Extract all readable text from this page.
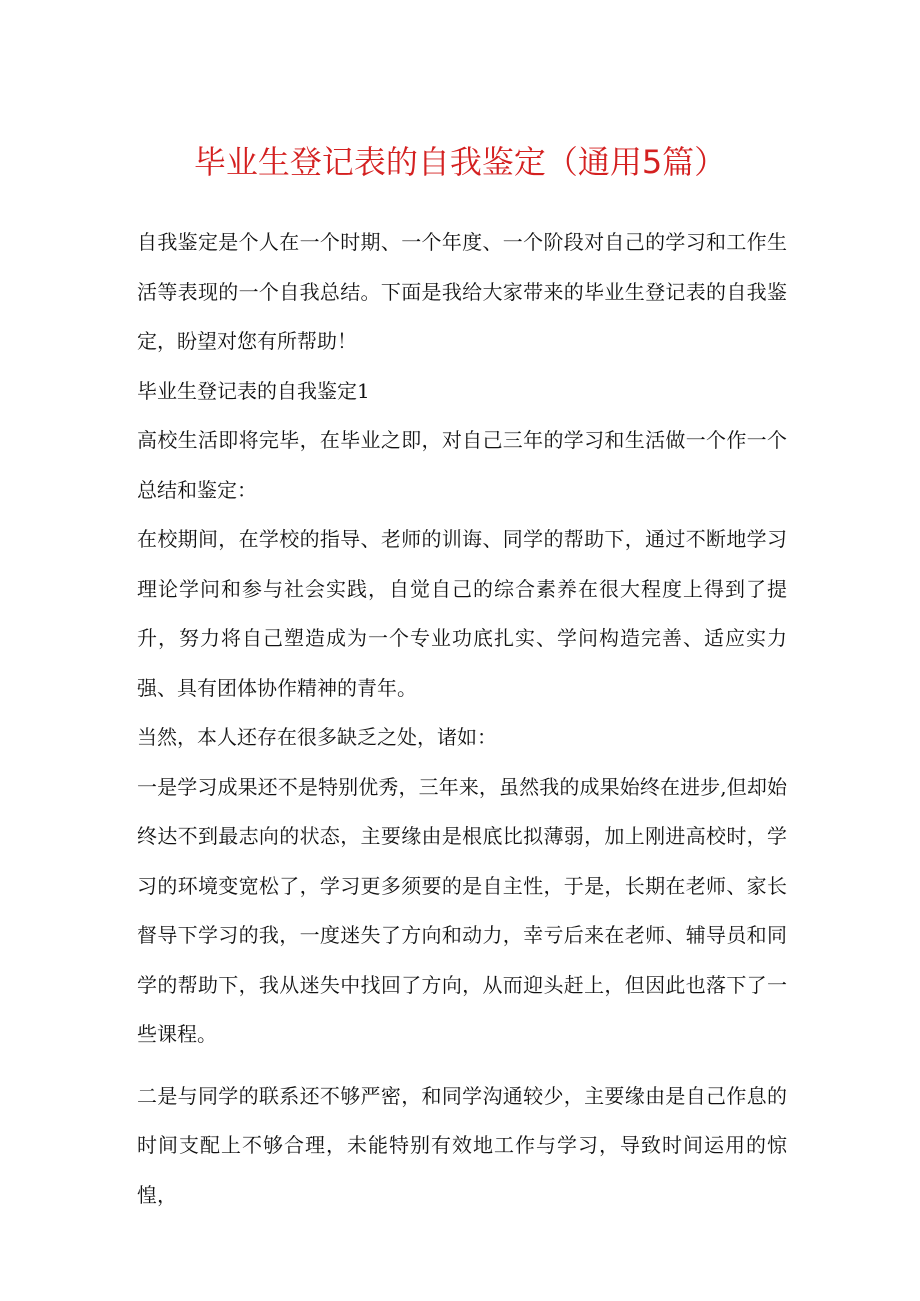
毕业生登记表的自我鉴定（通用5篇）

自我鉴定是个人在一个时期、一个年度、一个阶段对自己的学习和工作生活等表现的一个自我总结。下面是我给大家带来的毕业生登记表的自我鉴定，盼望对您有所帮助！

毕业生登记表的自我鉴定1

高校生活即将完毕，在毕业之即，对自己三年的学习和生活做一个作一个总结和鉴定：

在校期间，在学校的指导、老师的训诲、同学的帮助下，通过不断地学习理论学问和参与社会实践，自觉自己的综合素养在很大程度上得到了提升，努力将自己塑造成为一个专业功底扎实、学问构造完善、适应实力强、具有团体协作精神的青年。

当然，本人还存在很多缺乏之处，诸如：

一是学习成果还不是特别优秀，三年来，虽然我的成果始终在进步,但却始终达不到最志向的状态，主要缘由是根底比拟薄弱，加上刚进高校时，学习的环境变宽松了，学习更多须要的是自主性，于是，长期在老师、家长督导下学习的我，一度迷失了方向和动力，幸亏后来在老师、辅导员和同学的帮助下，我从迷失中找回了方向，从而迎头赶上，但因此也落下了一些课程。

二是与同学的联系还不够严密，和同学沟通较少，主要缘由是自己作息的时间支配上不够合理，未能特别有效地工作与学习，导致时间运用的惊惶，
